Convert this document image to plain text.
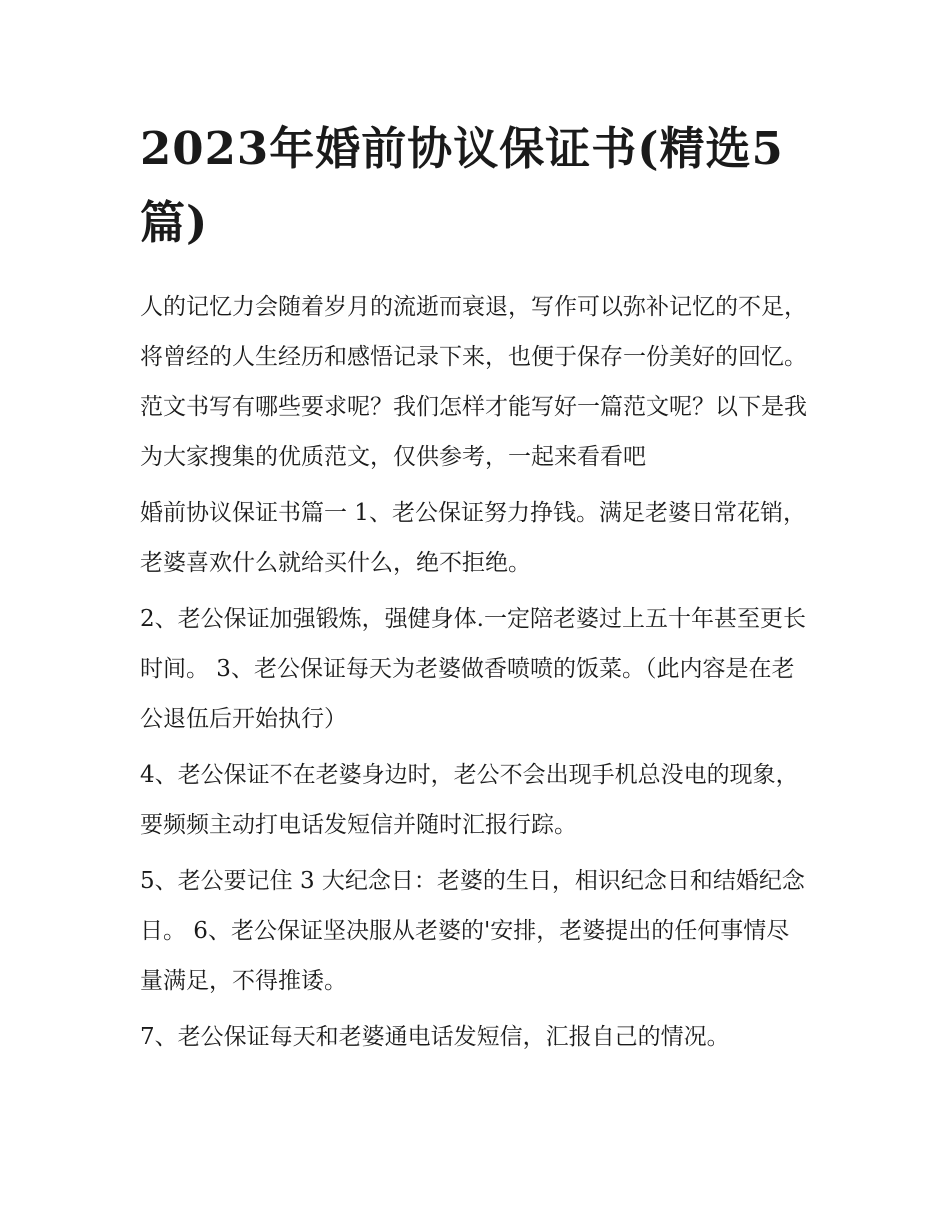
2023年婚前协议保证书(精选5篇)

人的记忆力会随着岁月的流逝而衰退，写作可以弥补记忆的不足，将曾经的人生经历和感悟记录下来，也便于保存一份美好的回忆。范文书写有哪些要求呢？我们怎样才能写好一篇范文呢？以下是我为大家搜集的优质范文，仅供参考，一起来看看吧

婚前协议保证书篇一 1、老公保证努力挣钱。满足老婆日常花销，老婆喜欢什么就给买什么，绝不拒绝。

2、老公保证加强锻炼，强健身体.一定陪老婆过上五十年甚至更长时间。 3、老公保证每天为老婆做香喷喷的饭菜。（此内容是在老公退伍后开始执行）

4、老公保证不在老婆身边时，老公不会出现手机总没电的现象，要频频主动打电话发短信并随时汇报行踪。

5、老公要记住 3 大纪念日：老婆的生日，相识纪念日和结婚纪念日。 6、老公保证坚决服从老婆的'安排，老婆提出的任何事情尽量满足，不得推诿。

7、老公保证每天和老婆通电话发短信，汇报自己的情况。
